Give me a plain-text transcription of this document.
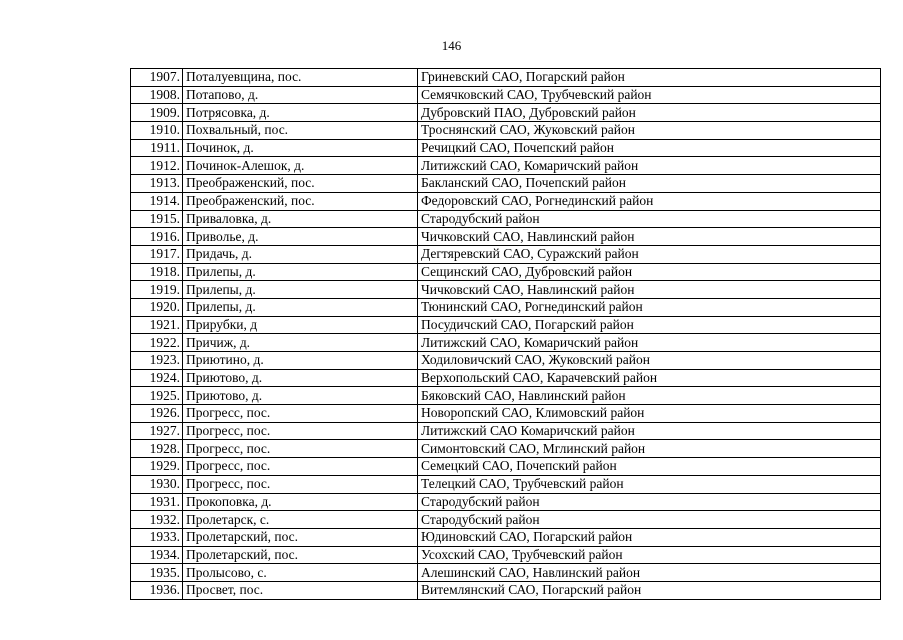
146
1907.	Поталуевщина, пос.	Гриневский САО, Погарский район
1908.	Потапово, д.	Семячковский САО, Трубчевский район
1909.	Потрясовка, д.	Дубровский ПАО, Дубровский район
1910.	Похвальный, пос.	Троснянский САО, Жуковский район
1911.	Починок, д.	Речицкий САО, Почепский район
1912.	Починок-Алешок, д.	Литижский САО, Комаричский район
1913.	Преображенский, пос.	Бакланский САО, Почепский район
1914.	Преображенский, пос.	Федоровский САО, Рогнединский район
1915.	Приваловка, д.	Стародубский район
1916.	Приволье, д.	Чичковский САО, Навлинский район
1917.	Придачь, д.	Дегтяревский САО, Суражский район
1918.	Прилепы, д.	Сещинский САО, Дубровский район
1919.	Прилепы, д.	Чичковский САО, Навлинский район
1920.	Прилепы, д.	Тюнинский САО, Рогнединский район
1921.	Прирубки, д	Посудичский САО, Погарский район
1922.	Причиж, д.	Литижский САО, Комаричский район
1923.	Приютино, д.	Ходиловичский САО, Жуковский район
1924.	Приютово, д.	Верхопольский САО, Карачевский район
1925.	Приютово, д.	Бяковский САО, Навлинский район
1926.	Прогресс, пос.	Новоропский САО, Климовский район
1927.	Прогресс, пос.	Литижский САО Комаричский район
1928.	Прогресс, пос.	Симонтовский САО, Мглинский район
1929.	Прогресс, пос.	Семецкий САО, Почепский район
1930.	Прогресс, пос.	Телецкий САО, Трубчевский район
1931.	Прокоповка, д.	Стародубский район
1932.	Пролетарск, с.	Стародубский район
1933.	Пролетарский, пос.	Юдиновский САО, Погарский район
1934.	Пролетарский, пос.	Усохский САО, Трубчевский район
1935.	Пролысово, с.	Алешинский САО, Навлинский район
1936.	Просвет, пос.	Витемлянский САО, Погарский район
